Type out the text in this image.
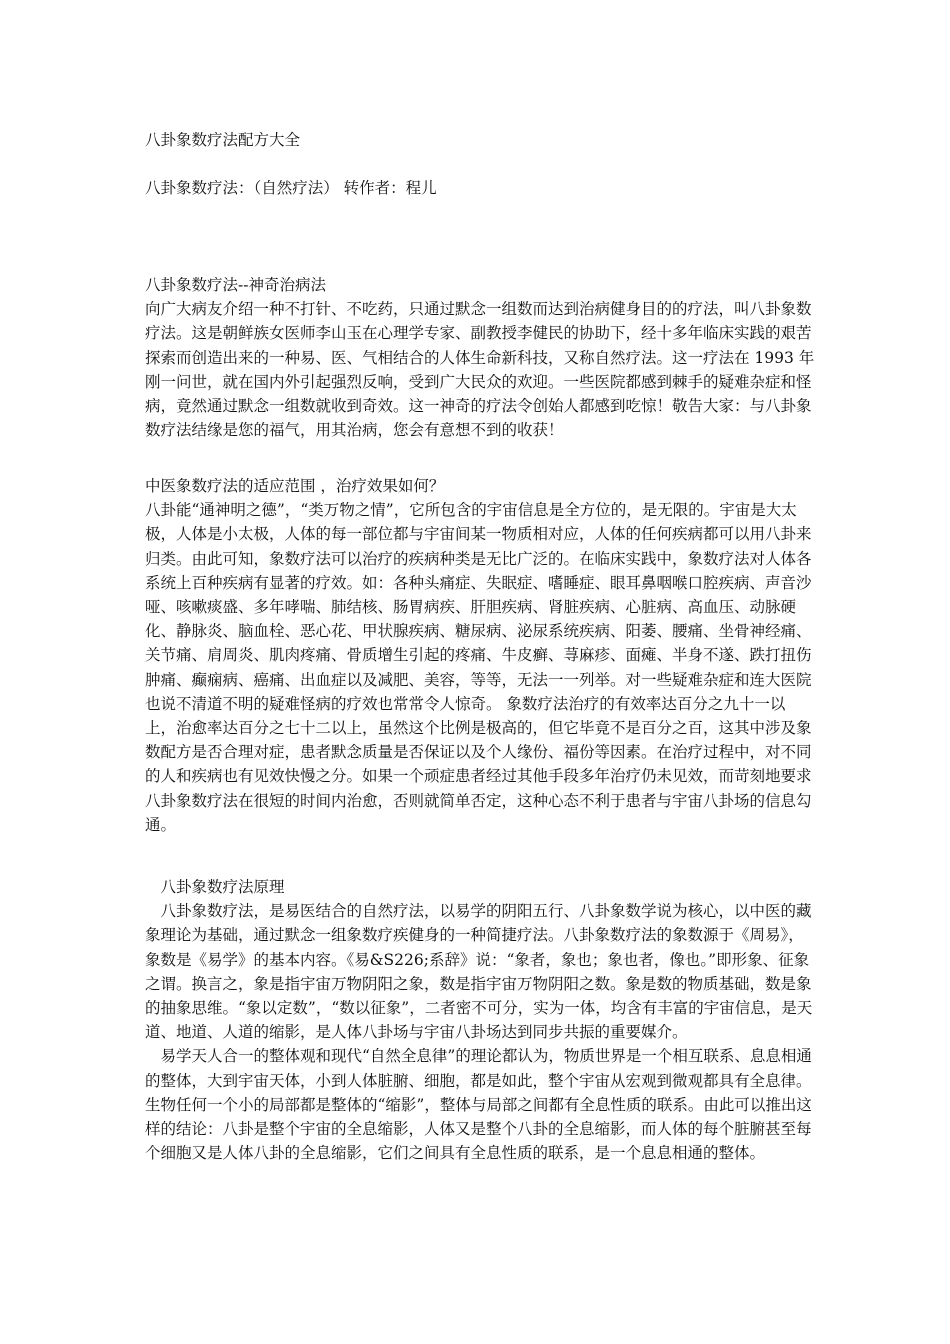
八卦象数疗法配方大全
八卦象数疗法：（自然疗法） 转作者：程儿

八卦象数疗法--神奇治病法

向广大病友介绍一种不打针、不吃药，只通过默念一组数而达到治病健身目的的疗法，叫八卦象数疗法。这是朝鲜族女医师李山玉在心理学专家、副教授李健民的协助下，经十多年临床实践的艰苦探索而创造出来的一种易、医、气相结合的人体生命新科技，又称自然疗法。这一疗法在 1993 年刚一问世，就在国内外引起强烈反响，受到广大民众的欢迎。一些医院都感到棘手的疑难杂症和怪病，竟然通过默念一组数就收到奇效。这一神奇的疗法令创始人都感到吃惊！敬告大家：与八卦象数疗法结缘是您的福气，用其治病，您会有意想不到的收获！

中医象数疗法的适应范围 ，治疗效果如何？

八卦能“通神明之德”，“类万物之情”，它所包含的宇宙信息是全方位的，是无限的。宇宙是大太极，人体是小太极，人体的每一部位都与宇宙间某一物质相对应，人体的任何疾病都可以用八卦来归类。由此可知，象数疗法可以治疗的疾病种类是无比广泛的。在临床实践中，象数疗法对人体各系统上百种疾病有显著的疗效。如：各种头痛症、失眠症、嗜睡症、眼耳鼻咽喉口腔疾病、声音沙哑、咳嗽痰盛、多年哮喘、肺结核、肠胃病疾、肝胆疾病、肾脏疾病、心脏病、高血压、动脉硬化、静脉炎、脑血栓、恶心花、甲状腺疾病、糖尿病、泌尿系统疾病、阳萎、腰痛、坐骨神经痛、关节痛、肩周炎、肌肉疼痛、骨质增生引起的疼痛、牛皮癣、荨麻疹、面瘫、半身不遂、跌打扭伤肿痛、癫痫病、癌痛、出血症以及减肥、美容，等等，无法一一列举。对一些疑难杂症和连大医院也说不清道不明的疑难怪病的疗效也常常令人惊奇。 象数疗法治疗的有效率达百分之九十一以上，治愈率达百分之七十二以上，虽然这个比例是极高的，但它毕竟不是百分之百，这其中涉及象数配方是否合理对症，患者默念质量是否保证以及个人缘份、福份等因素。在治疗过程中，对不同的人和疾病也有见效快慢之分。如果一个顽症患者经过其他手段多年治疗仍未见效，而苛刻地要求八卦象数疗法在很短的时间内治愈，否则就简单否定，这种心态不利于患者与宇宙八卦场的信息勾通。

八卦象数疗法原理

八卦象数疗法，是易医结合的自然疗法，以易学的阴阳五行、八卦象数学说为核心，以中医的藏象理论为基础，通过默念一组象数疗疾健身的一种简捷疗法。八卦象数疗法的象数源于《周易》，象数是《易学》的基本内容。《易&S226;系辞》说：“象者，象也；象也者，像也。”即形象、征象之谓。换言之，象是指宇宙万物阴阳之象，数是指宇宙万物阴阳之数。象是数的物质基础，数是象的抽象思维。“象以定数”，“数以征象”，二者密不可分，实为一体，均含有丰富的宇宙信息，是天道、地道、人道的缩影，是人体八卦场与宇宙八卦场达到同步共振的重要媒介。

易学天人合一的整体观和现代“自然全息律”的理论都认为，物质世界是一个相互联系、息息相通的整体，大到宇宙天体，小到人体脏腑、细胞，都是如此，整个宇宙从宏观到微观都具有全息律。生物任何一个小的局部都是整体的“缩影”，整体与局部之间都有全息性质的联系。由此可以推出这样的结论：八卦是整个宇宙的全息缩影，人体又是整个八卦的全息缩影，而人体的每个脏腑甚至每个细胞又是人体八卦的全息缩影，它们之间具有全息性质的联系，是一个息息相通的整体。
